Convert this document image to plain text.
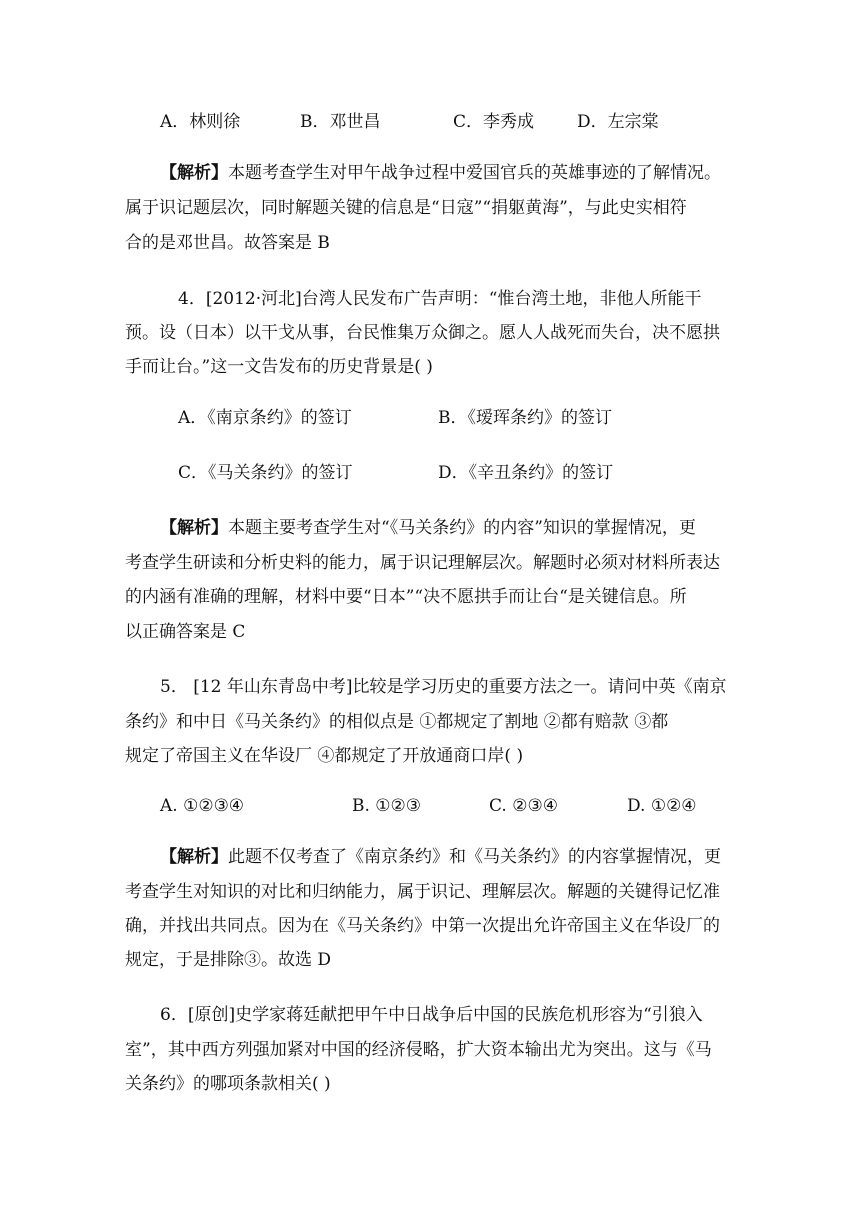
A．林则徐	B．邓世昌	C．李秀成	D．左宗棠
【解析】本题考查学生对甲午战争过程中爱国官兵的英雄事迹的了解情况。
属于识记题层次，同时解题关键的信息是“日寇”“捐躯黄海”，与此史实相符
合的是邓世昌。故答案是 B
4．[2012·河北]台湾人民发布广告声明：“惟台湾土地，非他人所能干
预。设（日本）以干戈从事，台民惟集万众御之。愿人人战死而失台，决不愿拱
手而让台。”这一文告发布的历史背景是( )
A．《南京条约》的签订	B．《瑷珲条约》的签订
C．《马关条约》的签订	D．《辛丑条约》的签订
【解析】本题主要考查学生对“《马关条约》的内容”知识的掌握情况，更
考查学生研读和分析史料的能力，属于识记理解层次。解题时必须对材料所表达
的内涵有准确的理解，材料中要“日本”“决不愿拱手而让台“是关键信息。所
以正确答案是 C
5． [12 年山东青岛中考]比较是学习历史的重要方法之一。请问中英《南京
条约》和中日《马关条约》的相似点是 ①都规定了割地 ②都有赔款 ③都
规定了帝国主义在华设厂 ④都规定了开放通商口岸( )
A. ①②③④	B. ①②③	C. ②③④	D. ①②④
【解析】此题不仅考查了《南京条约》和《马关条约》的内容掌握情况，更
考查学生对知识的对比和归纳能力，属于识记、理解层次。解题的关键得记忆准
确，并找出共同点。因为在《马关条约》中第一次提出允许帝国主义在华设厂的
规定，于是排除③。故选 D
6．[原创]史学家蒋廷献把甲午中日战争后中国的民族危机形容为“引狼入
室”，其中西方列强加紧对中国的经济侵略，扩大资本输出尤为突出。这与《马
关条约》的哪项条款相关( )
